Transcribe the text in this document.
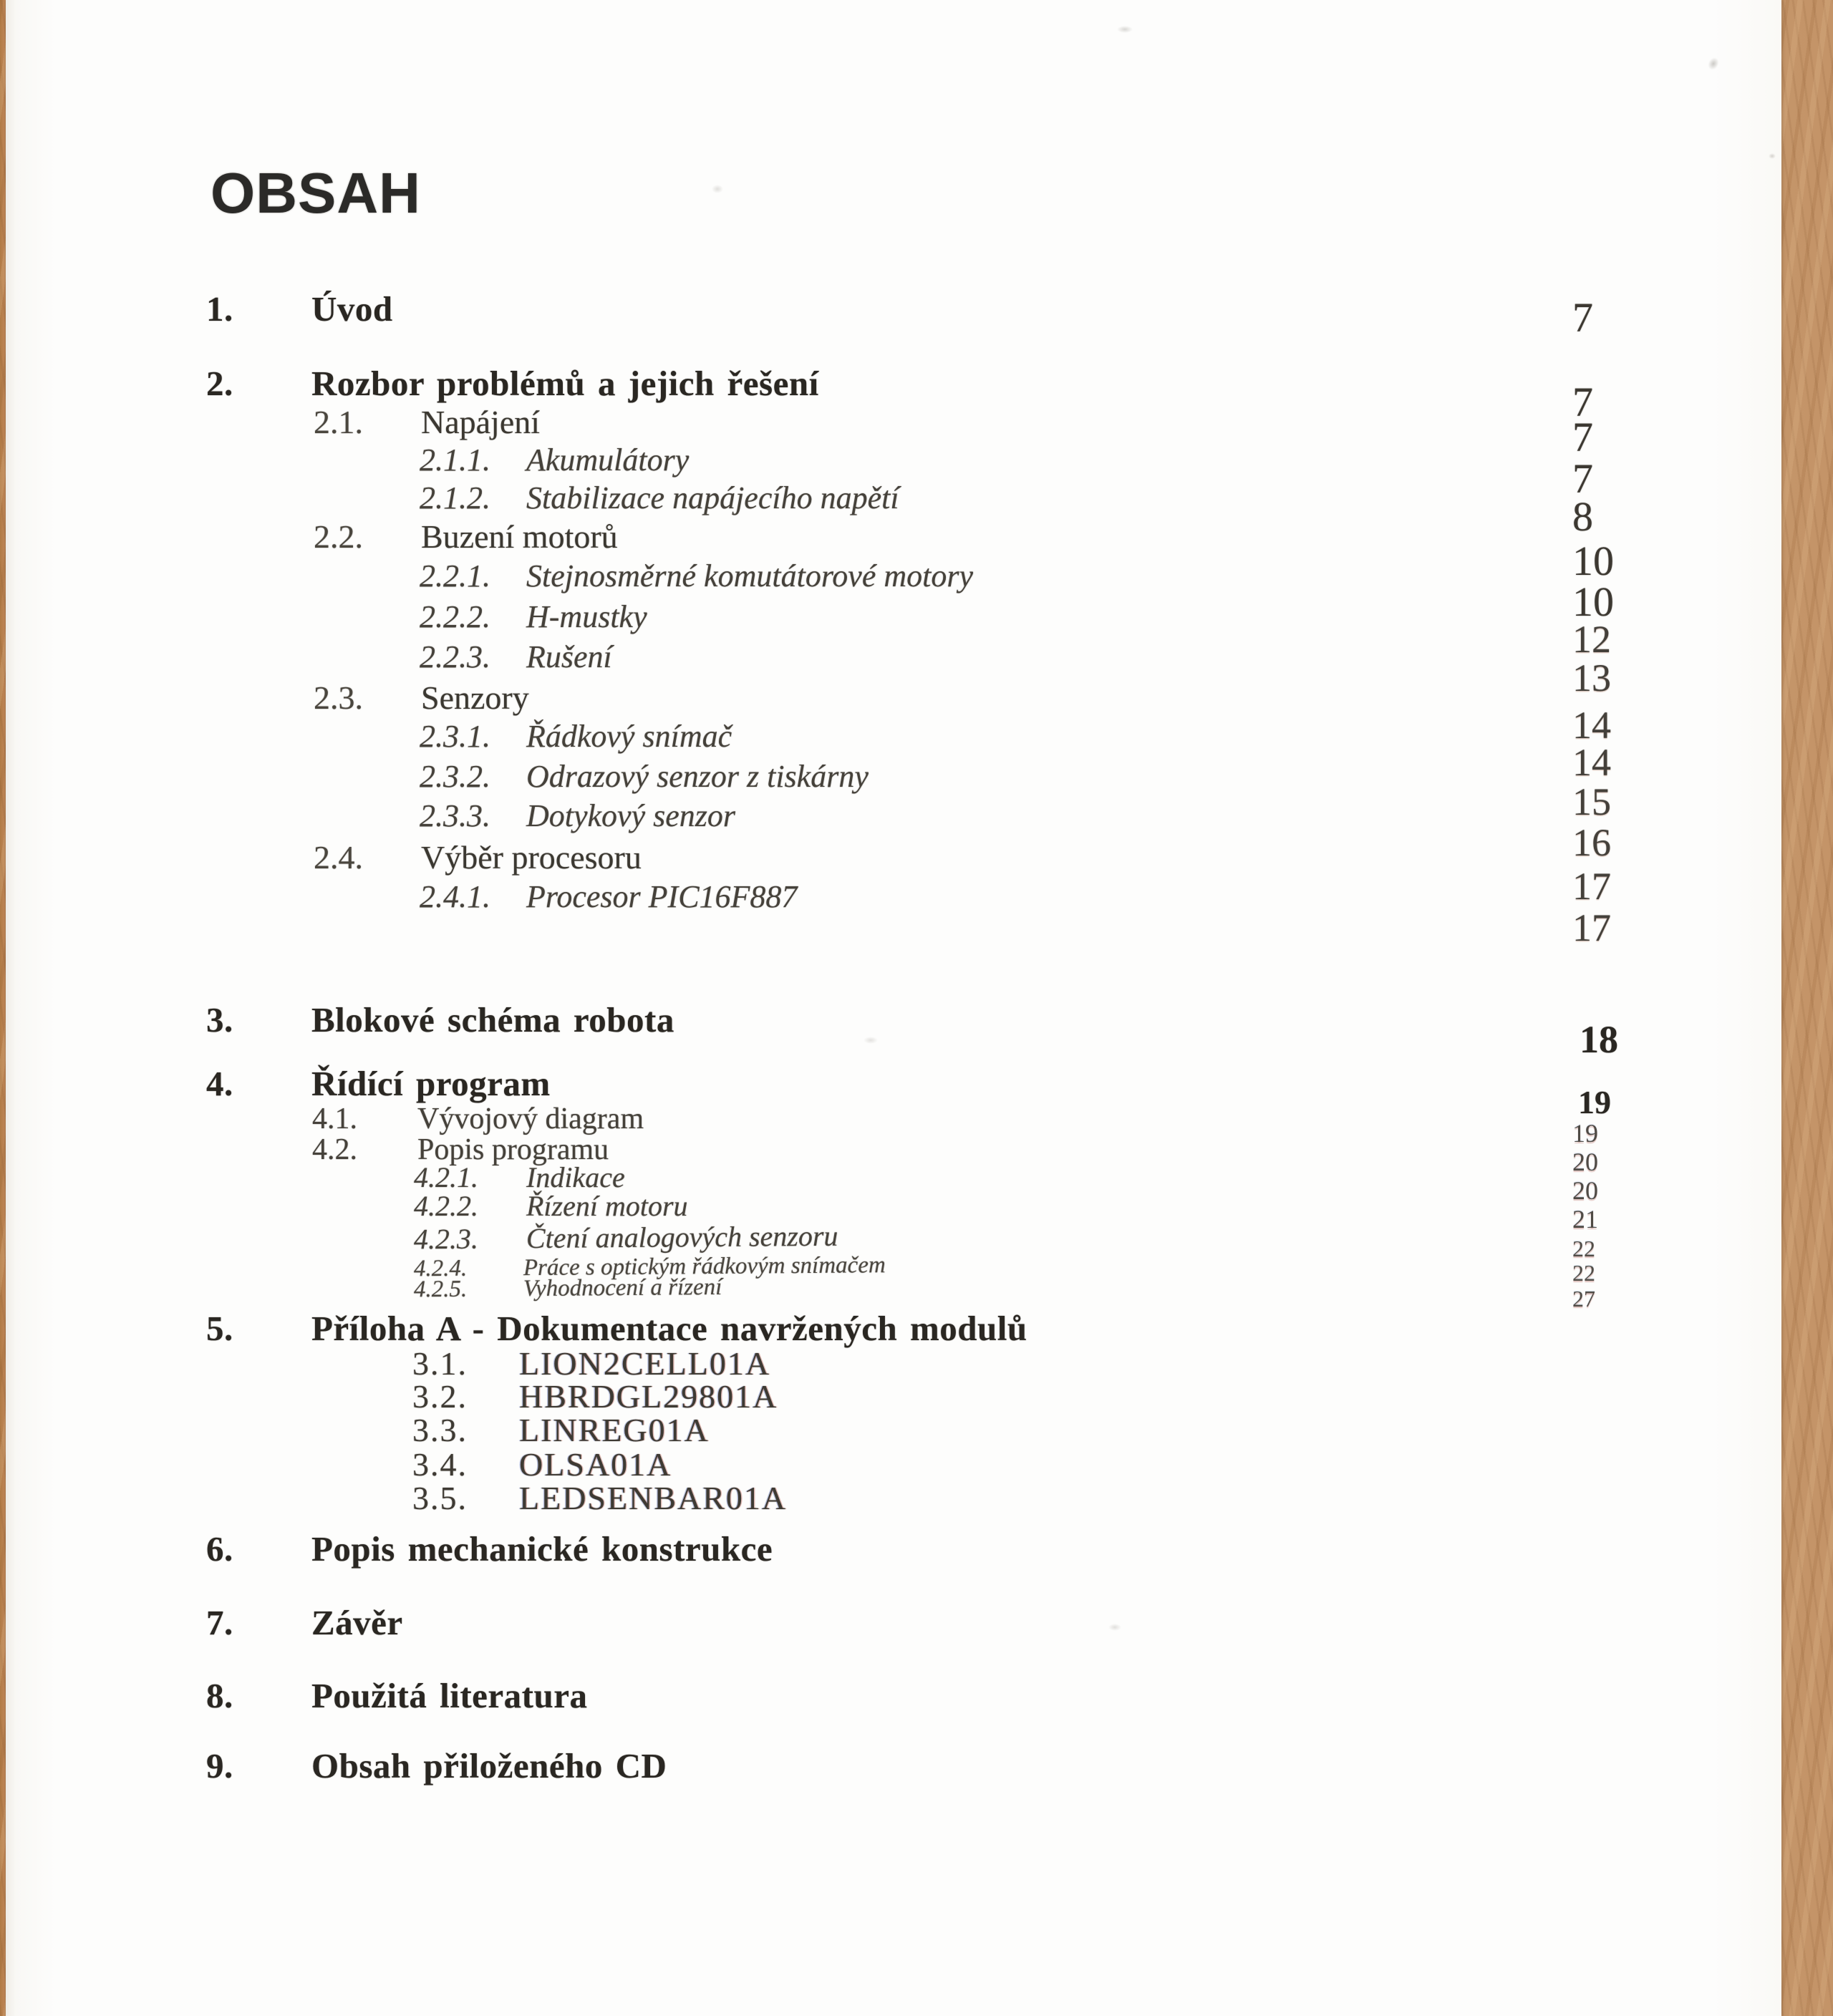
OBSAH
1. Úvod
2. Rozbor problémů a jejich řešení
2.1. Napájení
2.1.1. Akumulátory
2.1.2. Stabilizace napájecího napětí
2.2. Buzení motorů
2.2.1. Stejnosměrné komutátorové motory
2.2.2. H-mustky
2.2.3. Rušení
2.3. Senzory
2.3.1. Řádkový snímač
2.3.2. Odrazový senzor z tiskárny
2.3.3. Dotykový senzor
2.4. Výběr procesoru
2.4.1. Procesor PIC16F887
3. Blokové schéma robota
4. Řídící program
4.1. Vývojový diagram
4.2. Popis programu
4.2.1. Indikace
4.2.2. Řízení motoru
4.2.3. Čtení analogových senzoru
4.2.4. Práce s optickým řádkovým snímačem
4.2.5. Vyhodnocení a řízení
5. Příloha A - Dokumentace navržených modulů
3.1. LION2CELL01A
3.2. HBRDGL29801A
3.3. LINREG01A
3.4. OLSA01A
3.5. LEDSENBAR01A
6. Popis mechanické konstrukce
7. Závěr
8. Použitá literatura
9. Obsah přiloženého CD
7
7
7
7
8
10
10
12
13
14
14
15
16
17
17
18
19
19
20
20
21
22
22
27
